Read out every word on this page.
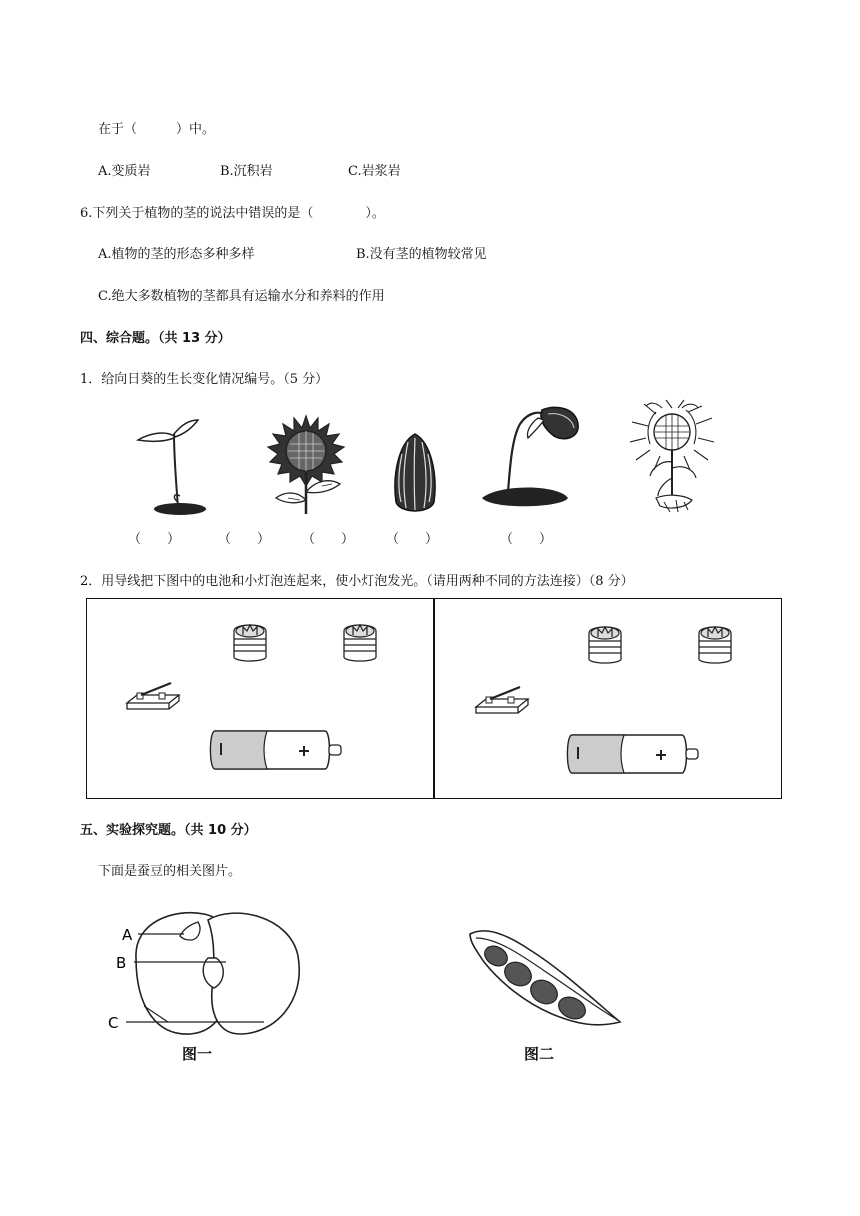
在于（　　　）中。
A.变质岩	B.沉积岩	C.岩浆岩
6.下列关于植物的茎的说法中错误的是（　　　　）。
A.植物的茎的形态多种多样	B.没有茎的植物较常见
C.绝大多数植物的茎都具有运输水分和养料的作用
四、综合题。（共 13 分）
1．给向日葵的生长变化情况编号。（5 分）
（　　）	（　　） （　　） （　　）	（　　）
2．用导线把下图中的电池和小灯泡连起来，使小灯泡发光。（请用两种不同的方法连接）（8 分）
五、实验探究题。（共 10 分）
下面是蚕豆的相关图片。
A
B
C
图一	图二
